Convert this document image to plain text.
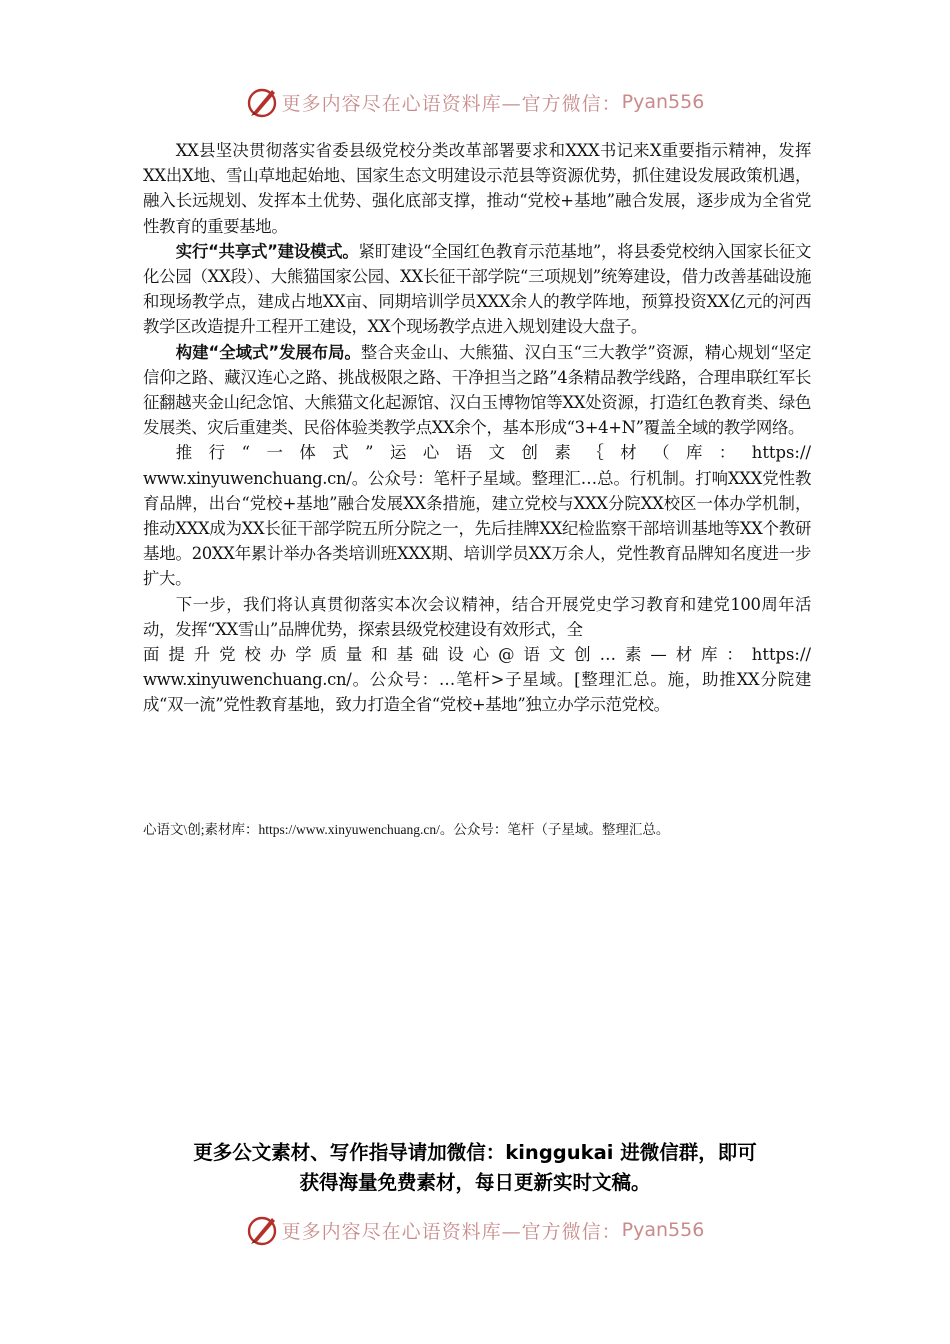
更多内容尽在心语资料库—官方微信： Pyan556

XX县坚决贯彻落实省委县级党校分类改革部署要求和XXX书记来X重要指示精神，发挥XX出X地、雪山草地起始地、国家生态文明建设示范县等资源优势，抓住建设发展政策机遇，融入长远规划、发挥本土优势、强化底部支撑，推动“党校+基地”融合发展，逐步成为全省党性教育的重要基地。

实行“共享式”建设模式。紧盯建设“全国红色教育示范基地”，将县委党校纳入国家长征文化公园（XX段）、大熊猫国家公园、XX长征干部学院“三项规划”统筹建设，借力改善基础设施和现场教学点，建成占地XX亩、同期培训学员XXX余人的教学阵地，预算投资XX亿元的河西教学区改造提升工程开工建设，XX个现场教学点进入规划建设大盘子。

构建“全域式”发展布局。整合夹金山、大熊猫、汉白玉“三大教学”资源，精心规划“坚定信仰之路、藏汉连心之路、挑战极限之路、干净担当之路”4条精品教学线路，合理串联红军长征翻越夹金山纪念馆、大熊猫文化起源馆、汉白玉博物馆等XX处资源，打造红色教育类、绿色发展类、灾后重建类、民俗体验类教学点XX余个，基本形成“3+4+N”覆盖全域的教学网络。

推行“一体式”运心语文创素｛材（库：https://

www.xinyuwenchuang.cn/。公众号：笔杆子星域。整理汇…总。行机制。打响XXX党性教育品牌，出台“党校+基地”融合发展XX条措施，建立党校与XXX分院XX校区一体办学机制，推动XXX成为XX长征干部学院五所分院之一，先后挂牌XX纪检监察干部培训基地等XX个教研基地。20XX年累计举办各类培训班XXX期、培训学员XX万余人，党性教育品牌知名度进一步扩大。

下一步，我们将认真贯彻落实本次会议精神，结合开展党史学习教育和建党100周年活动，发挥“XX雪山”品牌优势，探索县级党校建设有效形式，全

面提升党校办学质量和基础设心@语文创…素—材库：https://

www.xinyuwenchuang.cn/。公众号：…笔杆>子星域。[整理汇总。施，助推XX分院建成“双一流”党性教育基地，致力打造全省“党校+基地”独立办学示范党校。

心语文\创;素材库：https://www.xinyuwenchuang.cn/。公众号：笔杆（子星域。整理汇总。
更多公文素材、写作指导请加微信：kinggukai 进微信群，即可
获得海量免费素材，每日更新实时文稿。
更多内容尽在心语资料库—官方微信： Pyan556
